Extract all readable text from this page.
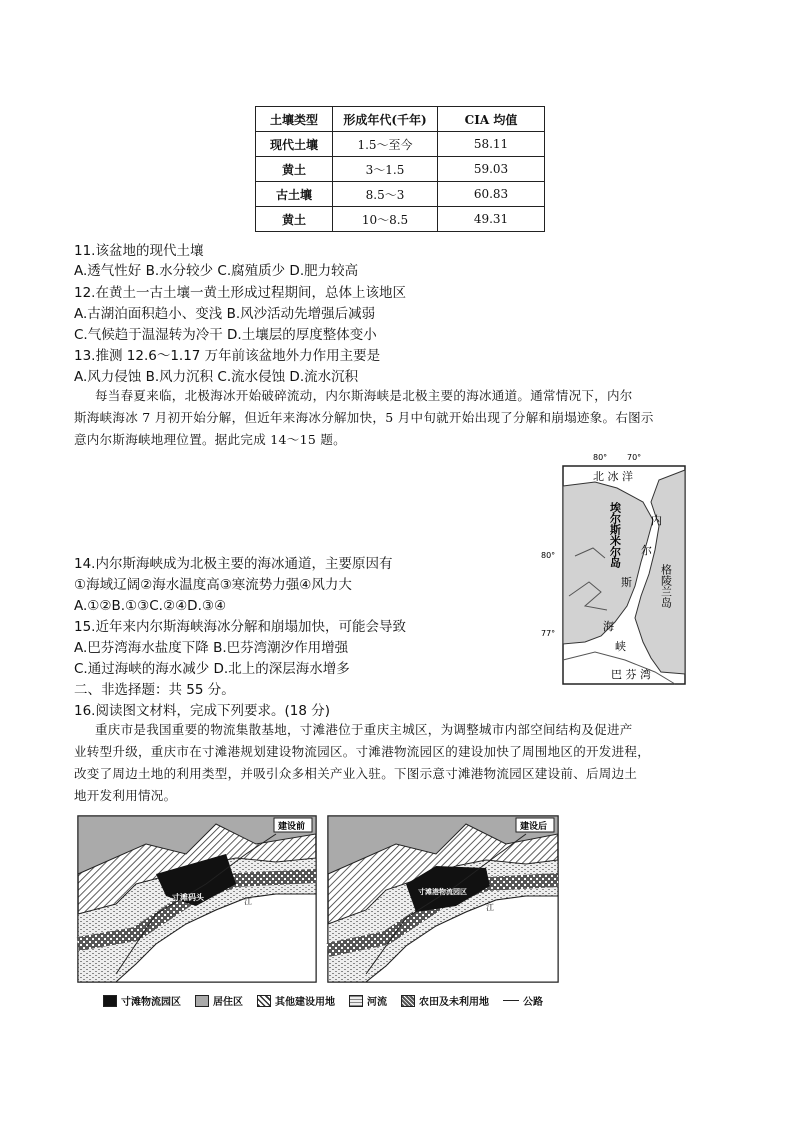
土壤类型	形成年代(千年)	CIA 均值
现代土壤	1.5～至今	58.11
黄土	3～1.5	59.03
古土壤	8.5～3	60.83
黄土	10～8.5	49.31
11.该盆地的现代土壤
A.透气性好 B.水分较少 C.腐殖质少 D.肥力较高
12.在黄土一古土壤一黄土形成过程期间，总体上该地区
A.古湖泊面积趋小、变浅 B.风沙活动先增强后减弱
C.气候趋于温湿转为冷干 D.土壤层的厚度整体变小
13.推测 12.6～1.17 万年前该盆地外力作用主要是
A.风力侵蚀 B.风力沉积 C.流水侵蚀 D.流水沉积
每当春夏来临，北极海冰开始破碎流动，内尔斯海峡是北极主要的海冰通道。通常情况下，内尔
斯海峡海冰 7 月初开始分解，但近年来海冰分解加快，5 月中旬就开始出现了分解和崩塌迹象。右图示
意内尔斯海峡地理位置。据此完成 14～15 题。
80° 70°
北 冰 洋
埃尔斯米尔岛	内
尔
斯
海
峡
格陵兰岛
80°
77°
巴 芬 湾
14.内尔斯海峡成为北极主要的海冰通道，主要原因有
①海域辽阔②海水温度高③寒流势力强④风力大
A.①②B.①③C.②④D.③④
15.近年来内尔斯海峡海冰分解和崩塌加快，可能会导致
A.巴芬湾海水盐度下降 B.巴芬湾潮汐作用增强
C.通过海峡的海水减少 D.北上的深层海水增多
二、非选择题：共 55 分。
16.阅读图文材料，完成下列要求。(18 分)
重庆市是我国重要的物流集散基地，寸滩港位于重庆主城区，为调整城市内部空间结构及促进产
业转型升级，重庆市在寸滩港规划建设物流园区。寸滩港物流园区的建设加快了周围地区的开发进程，
改变了周边土地的利用类型，并吸引众多相关产业入驻。下图示意寸滩港物流园区建设前、后周边土
地开发利用情况。
建设前
寸滩码头	江
建设后
寸滩港物流园区
江
寸滩物流园区	居住区	其他建设用地	河流	农田及未利用地	公路
